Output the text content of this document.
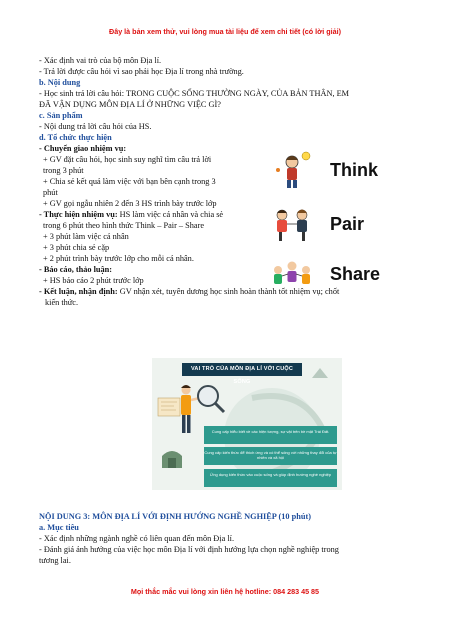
Đây là bản xem thử, vui lòng mua tài liệu để xem chi tiết (có lời giải)
- Xác định vai trò của bộ môn Địa lí.
- Trả lời được câu hỏi vì sao phải học Địa lí trong nhà trường.
b. Nội dung
- Học sinh trả lời câu hỏi: TRONG CUỘC SỐNG THƯỜNG NGÀY, CỦA BẢN THÂN, EM
ĐÃ VẬN DỤNG MÔN ĐỊA LÍ Ở NHỮNG VIỆC GÌ?
c. Sản phẩm
- Nội dung trả lời câu hỏi của HS.
d. Tổ chức thực hiện
- Chuyển giao nhiệm vụ:
+ GV đặt câu hỏi, học sinh suy nghĩ tìm câu trả lời
trong 3 phút
+ Chia sẻ kết quả làm việc với bạn bên cạnh trong 3
phút
+ GV gọi ngẫu nhiên 2 đến 3 HS trình bày trước lớp
- Thực hiện nhiệm vụ: HS làm việc cá nhân và chia sẻ
trong 6 phút theo hình thức Think – Pair – Share
+ 3 phút làm việc cá nhân
+ 3 phút chia sẻ cặp
+ 2 phút trình bày trước lớp cho mỗi cá nhân.
- Báo cáo, thảo luận:
+ HS báo cáo 2 phút trước lớp
- Kết luận, nhận định: GV nhận xét, tuyên dương học sinh hoàn thành tốt nhiệm vụ; chốt
kiến thức.
Think
Pair
Share
VAI TRÒ CỦA MÔN ĐỊA LÍ VỚI CUỘC SỐNG
Cung cấp hiểu biết về các hiện tượng, sự vật trên bề mặt Trái Đất.
Cung cấp kiến thức để thích ứng và có thể sống với những thay đổi của tự nhiên và xã hội
Ứng dụng kiến thức vào cuộc sống và giúp định hướng nghề nghiệp
NỘI DUNG 3: MÔN ĐỊA LÍ VỚI ĐỊNH HƯỚNG NGHỀ NGHIỆP (10 phút)
a. Mục tiêu
- Xác định những ngành nghề có liên quan đến môn Địa lí.
- Đánh giá ảnh hưởng của việc học môn Địa lí với định hướng lựa chọn nghề nghiệp trong
tương lai.
Mọi thắc mắc vui lòng xin liên hệ hotline: 084 283 45 85
